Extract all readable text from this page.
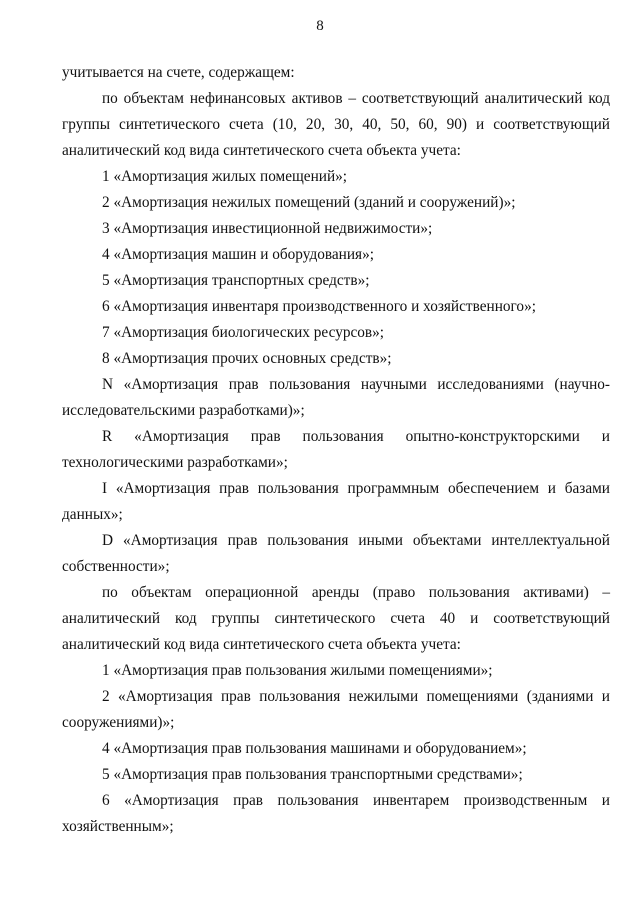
8

учитывается на счете, содержащем:

по объектам нефинансовых активов – соответствующий аналитический код группы синтетического счета (10, 20, 30, 40, 50, 60, 90) и соответствующий аналитический код вида синтетического счета объекта учета:

1 «Амортизация жилых помещений»;

2 «Амортизация нежилых помещений (зданий и сооружений)»;

3 «Амортизация инвестиционной недвижимости»;

4 «Амортизация машин и оборудования»;

5 «Амортизация транспортных средств»;

6 «Амортизация инвентаря производственного и хозяйственного»;

7 «Амортизация биологических ресурсов»;

8 «Амортизация прочих основных средств»;

N «Амортизация прав пользования научными исследованиями (научно-исследовательскими разработками)»;

R «Амортизация прав пользования опытно-конструкторскими и технологическими разработками»;

I «Амортизация прав пользования программным обеспечением и базами данных»;

D «Амортизация прав пользования иными объектами интеллектуальной собственности»;

по объектам операционной аренды (право пользования активами) – аналитический код группы синтетического счета 40 и соответствующий аналитический код вида синтетического счета объекта учета:

1 «Амортизация прав пользования жилыми помещениями»;

2 «Амортизация прав пользования нежилыми помещениями (зданиями и сооружениями)»;

4 «Амортизация прав пользования машинами и оборудованием»;

5 «Амортизация прав пользования транспортными средствами»;

6 «Амортизация прав пользования инвентарем производственным и хозяйственным»;
